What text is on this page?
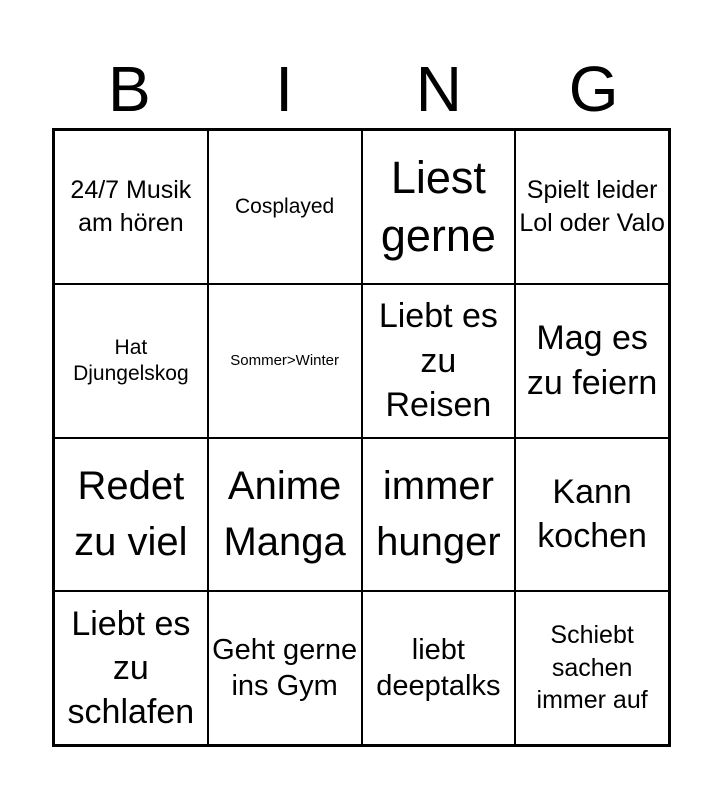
B	I	N	G
24/7 Musik am hören
Cosplayed
Liest gerne
Spielt leider Lol oder Valo
Hat Djungelskog
Sommer>Winter
Liebt es zu Reisen
Mag es zu feiern
Redet zu viel
Anime Manga
immer hunger
Kann kochen
Liebt es zu schlafen
Geht gerne ins Gym
liebt deeptalks
Schiebt sachen immer auf
